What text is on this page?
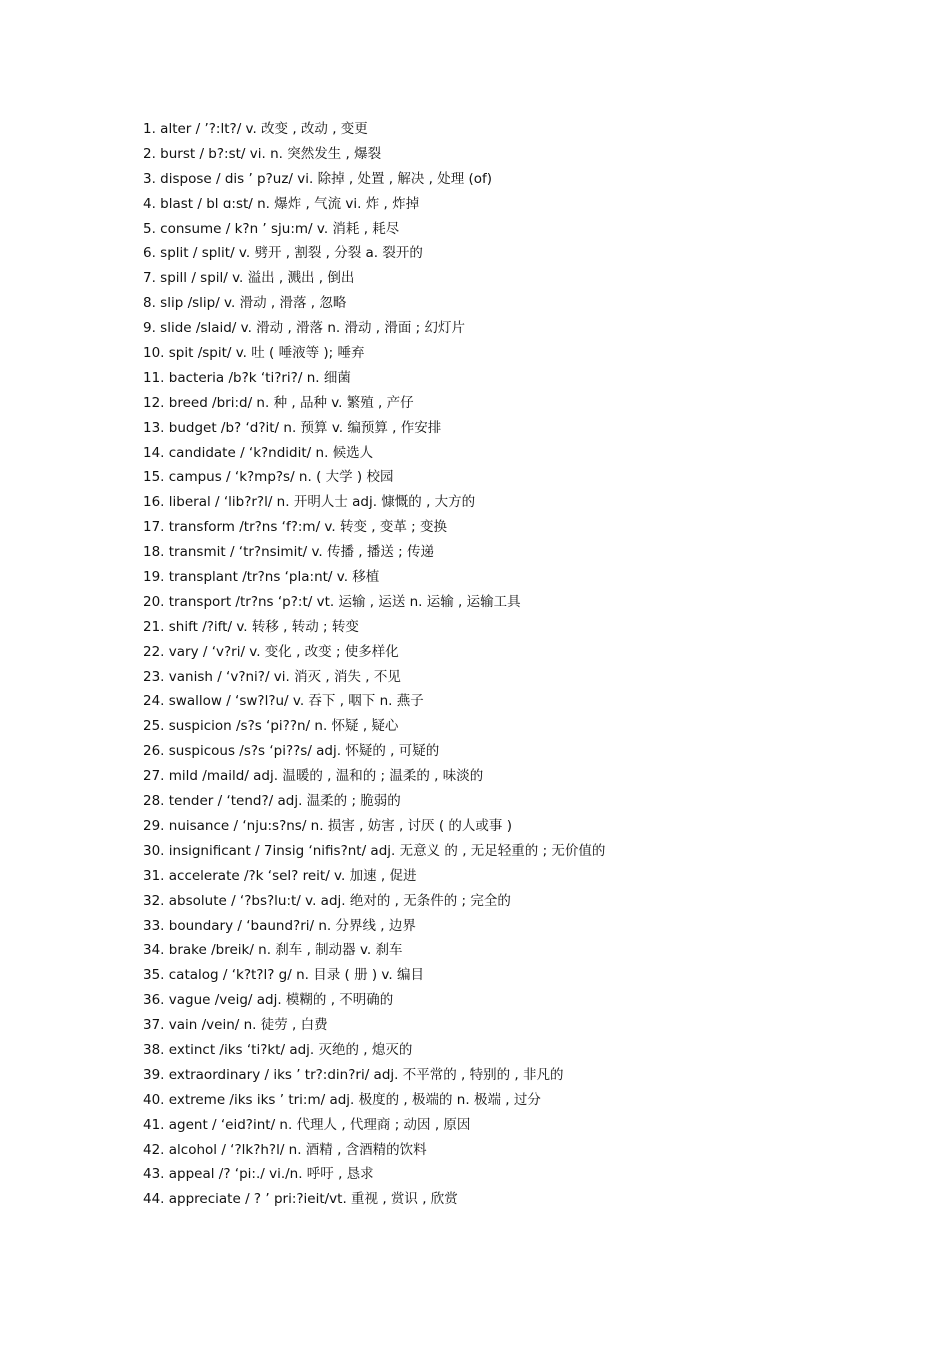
1. alter / ’?:lt?/ v. 改变 , 改动 , 变更
2. burst / b?:st/ vi. n. 突然发生 , 爆裂
3. dispose / dis ’ p?uz/ vi. 除掉 , 处置 , 解决 , 处理 (of)
4. blast / bl ɑ:st/ n. 爆炸 , 气流 vi. 炸 , 炸掉
5. consume / k?n ’ sju:m/ v. 消耗 , 耗尽
6. split / split/ v. 劈开 , 割裂 , 分裂 a. 裂开的
7. spill / spil/ v. 溢出 , 溅出 , 倒出
8. slip /slip/ v. 滑动 , 滑落 , 忽略
9. slide /slaid/ v. 滑动 , 滑落 n. 滑动 , 滑面 ; 幻灯片
10. spit /spit/ v. 吐 ( 唾液等 ); 唾弃
11. bacteria /b?k ‘ti?ri?/ n. 细菌
12. breed /bri:d/ n. 种 , 品种 v. 繁殖 , 产仔
13. budget /b? ‘d?it/ n. 预算 v. 编预算 , 作安排
14. candidate / ‘k?ndidit/ n. 候选人
15. campus / ‘k?mp?s/ n. ( 大学 ) 校园
16. liberal / ‘lib?r?l/ n. 开明人士 adj. 慷慨的 , 大方的
17. transform /tr?ns ‘f?:m/ v. 转变 , 变革 ; 变换
18. transmit / ‘tr?nsimit/ v. 传播 , 播送 ; 传递
19. transplant /tr?ns ‘pla:nt/ v. 移植
20. transport /tr?ns ‘p?:t/ vt. 运输 , 运送 n. 运输 , 运输工具
21. shift /?ift/ v. 转移 , 转动 ; 转变
22. vary / ‘v?ri/ v. 变化 , 改变 ; 使多样化
23. vanish / ‘v?ni?/ vi. 消灭 , 消失 , 不见
24. swallow / ‘sw?l?u/ v. 吞下 , 咽下 n. 燕子
25. suspicion /s?s ‘pi??n/ n. 怀疑 , 疑心
26. suspicous /s?s ‘pi??s/ adj. 怀疑的 , 可疑的
27. mild /maild/ adj. 温暖的 , 温和的 ; 温柔的 , 味淡的
28. tender / ‘tend?/ adj. 温柔的 ; 脆弱的
29. nuisance / ‘nju:s?ns/ n. 损害 , 妨害 , 讨厌 ( 的人或事 )
30. insignificant / 7insig ‘nifis?nt/ adj. 无意义 的 , 无足轻重的 ; 无价值的
31. accelerate /?k ‘sel? reit/ v. 加速 , 促进
32. absolute / ‘?bs?lu:t/ v. adj. 绝对的 , 无条件的 ; 完全的
33. boundary / ‘baund?ri/ n. 分界线 , 边界
34. brake /breik/ n. 刹车 , 制动器 v. 刹车
35. catalog / ‘k?t?l? g/ n. 目录 ( 册 ) v. 编目
36. vague /veig/ adj. 模糊的 , 不明确的
37. vain /vein/ n. 徒劳 , 白费
38. extinct /iks ‘ti?kt/ adj. 灭绝的 , 熄灭的
39. extraordinary / iks ’ tr?:din?ri/ adj. 不平常的 , 特别的 , 非凡的
40. extreme /iks iks ’ tri:m/ adj. 极度的 , 极端的 n. 极端 , 过分
41. agent / ‘eid?int/ n. 代理人 , 代理商 ; 动因 , 原因
42. alcohol / ‘?lk?h?l/ n. 酒精 , 含酒精的饮料
43. appeal /? ‘pi:./ vi./n. 呼吁 , 恳求
44. appreciate / ? ’ pri:?ieit/vt. 重视 , 赏识 , 欣赏
